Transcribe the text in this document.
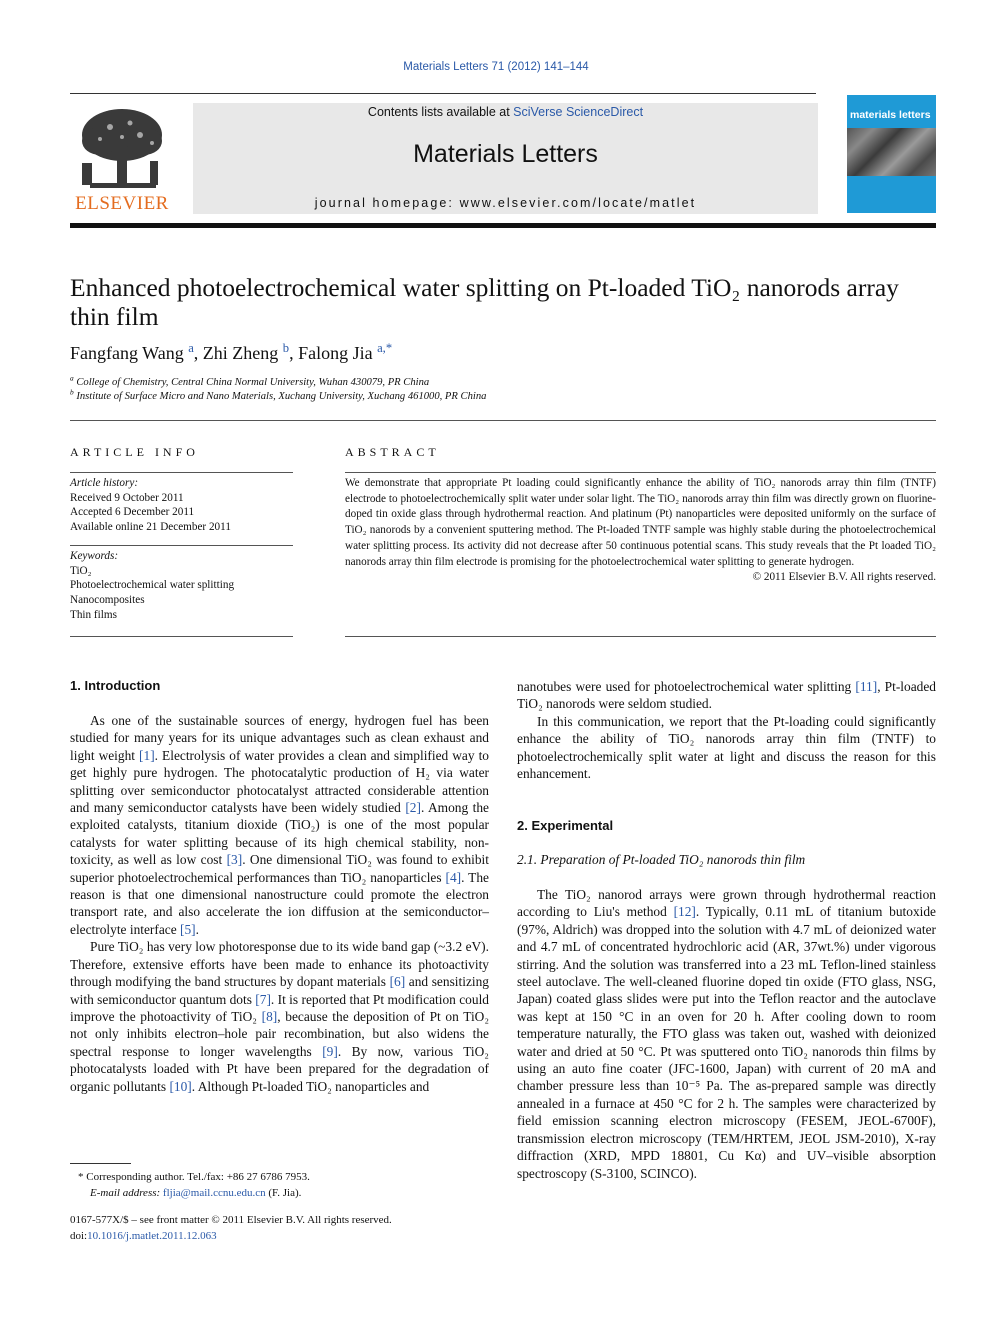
Materials Letters 71 (2012) 141–144
ELSEVIER
Contents lists available at SciVerse ScienceDirect
Materials Letters
journal homepage: www.elsevier.com/locate/matlet
materials letters
Enhanced photoelectrochemical water splitting on Pt-loaded TiO₂ nanorods array thin film
Fangfang Wang $^a$, Zhi Zheng $^b$, Falong Jia $^{a,*}$
$^a$ College of Chemistry, Central China Normal University, Wuhan 430079, PR China
$^b$ Institute of Surface Micro and Nano Materials, Xuchang University, Xuchang 461000, PR China
ARTICLE INFO
Article history:
Received 9 October 2011
Accepted 6 December 2011
Available online 21 December 2011
Keywords:
TiO₂
Photoelectrochemical water splitting
Nanocomposites
Thin films
ABSTRACT
We demonstrate that appropriate Pt loading could significantly enhance the ability of TiO₂ nanorods array thin film (TNTF) electrode to photoelectrochemically split water under solar light. The TiO₂ nanorods array thin film was directly grown on fluorine-doped tin oxide glass through hydrothermal reaction. And platinum (Pt) nanoparticles were deposited uniformly on the surface of TiO₂ nanorods by a convenient sputtering method. The Pt-loaded TNTF sample was highly stable during the photoelectrochemical water splitting process. Its activity did not decrease after 50 continuous potential scans. This study reveals that the Pt loaded TiO₂ nanorods array thin film electrode is promising for the photoelectrochemical water splitting to generate hydrogen.
© 2011 Elsevier B.V. All rights reserved.
1. Introduction

As one of the sustainable sources of energy, hydrogen fuel has been studied for many years for its unique advantages such as clean exhaust and light weight [1]. Electrolysis of water provides a clean and simplified way to get highly pure hydrogen. The photocatalytic production of H₂ via water splitting over semiconductor photocatalyst attracted considerable attention and many semiconductor catalysts have been widely studied [2]. Among the exploited catalysts, titanium dioxide (TiO₂) is one of the most popular catalysts for water splitting because of its high chemical stability, non-toxicity, as well as low cost [3]. One dimensional TiO₂ was found to exhibit superior photoelectrochemical performances than TiO₂ nanoparticles [4]. The reason is that one dimensional nanostructure could promote the electron transport rate, and also accelerate the ion diffusion at the semiconductor–electrolyte interface [5].

Pure TiO₂ has very low photoresponse due to its wide band gap (~3.2 eV). Therefore, extensive efforts have been made to enhance its photoactivity through modifying the band structures by dopant materials [6] and sensitizing with semiconductor quantum dots [7]. It is reported that Pt modification could improve the photoactivity of TiO₂ [8], because the deposition of Pt on TiO₂ not only inhibits electron–hole pair recombination, but also widens the spectral response to longer wavelengths [9]. By now, various TiO₂ photocatalysts loaded with Pt have been prepared for the degradation of organic pollutants [10]. Although Pt-loaded TiO₂ nanoparticles and

* Corresponding author. Tel./fax: +86 27 6786 7953.
E-mail address: fljia@mail.ccnu.edu.cn (F. Jia).
0167-577X/$ – see front matter © 2011 Elsevier B.V. All rights reserved.
doi:10.1016/j.matlet.2011.12.063

nanotubes were used for photoelectrochemical water splitting [11], Pt-loaded TiO₂ nanorods were seldom studied.

In this communication, we report that the Pt-loading could significantly enhance the ability of TiO₂ nanorods array thin film (TNTF) to photoelectrochemically split water at light and discuss the reason for this enhancement.

2. Experimental
2.1. Preparation of Pt-loaded TiO₂ nanorods thin film

The TiO₂ nanorod arrays were grown through hydrothermal reaction according to Liu's method [12]. Typically, 0.11 mL of titanium butoxide (97%, Aldrich) was dropped into the solution with 4.7 mL of deionized water and 4.7 mL of concentrated hydrochloric acid (AR, 37wt.%) under vigorous stirring. And the solution was transferred into a 23 mL Teflon-lined stainless steel autoclave. The well-cleaned fluorine doped tin oxide (FTO glass, NSG, Japan) coated glass slides were put into the Teflon reactor and the autoclave was kept at 150 °C in an oven for 20 h. After cooling down to room temperature naturally, the FTO glass was taken out, washed with deionized water and dried at 50 °C. Pt was sputtered onto TiO₂ nanorods thin films by using an auto fine coater (JFC-1600, Japan) with current of 20 mA and chamber pressure less than 10⁻⁵ Pa. The as-prepared sample was directly annealed in a furnace at 450 °C for 2 h. The samples were characterized by field emission scanning electron microscopy (FESEM, JEOL-6700F), transmission electron microscopy (TEM/HRTEM, JEOL JSM-2010), X-ray diffraction (XRD, MPD 18801, Cu Kα) and UV–visible absorption spectroscopy (S-3100, SCINCO).
